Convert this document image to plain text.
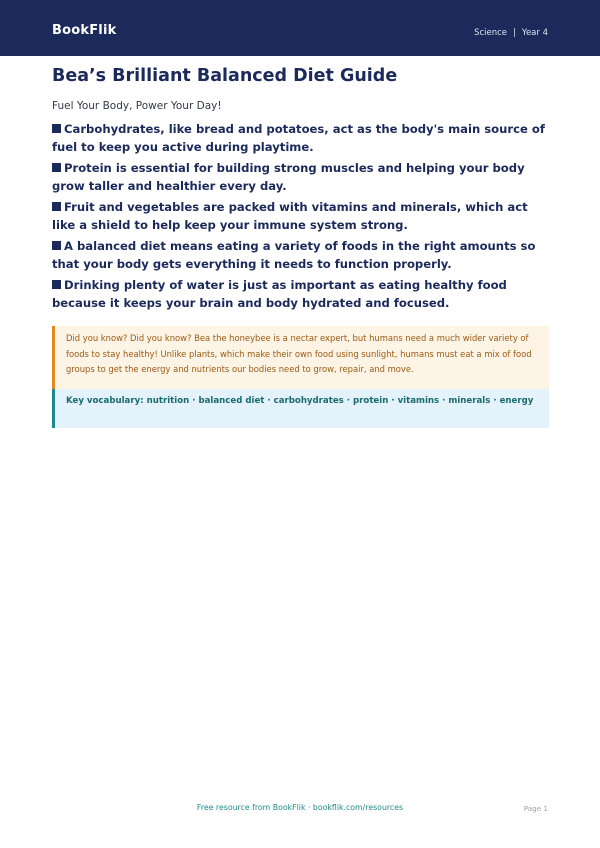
BookFlik	Science | Year 4
Bea’s Brilliant Balanced Diet Guide
Fuel Your Body, Power Your Day!
Carbohydrates, like bread and potatoes, act as the body's main source of fuel to keep you active during playtime.
Protein is essential for building strong muscles and helping your body grow taller and healthier every day.
Fruit and vegetables are packed with vitamins and minerals, which act like a shield to help keep your immune system strong.
A balanced diet means eating a variety of foods in the right amounts so that your body gets everything it needs to function properly.
Drinking plenty of water is just as important as eating healthy food because it keeps your brain and body hydrated and focused.
Did you know? Did you know? Bea the honeybee is a nectar expert, but humans need a much wider variety of foods to stay healthy! Unlike plants, which make their own food using sunlight, humans must eat a mix of food groups to get the energy and nutrients our bodies need to grow, repair, and move.
Key vocabulary: nutrition · balanced diet · carbohydrates · protein · vitamins · minerals · energy
Free resource from BookFlik · bookflik.com/resources	Page 1
